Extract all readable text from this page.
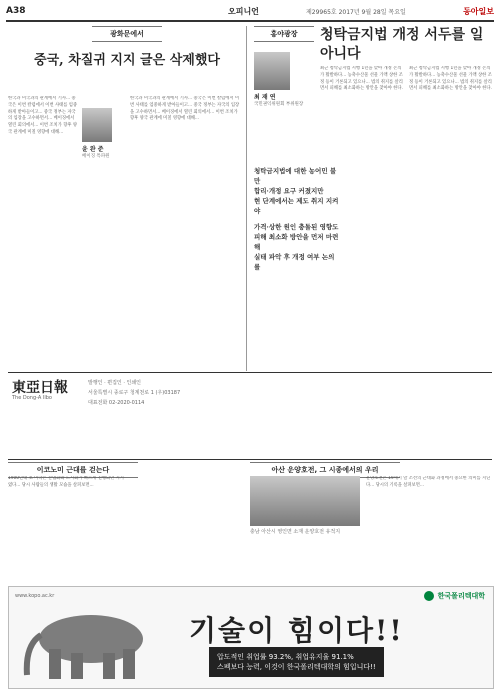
A38	오피니언	제29965호 2017년 9월 28일 목요일	동아일보
광화문에서
중국, 차질귀 지지 글은 삭제했다
윤 완 준
베이징 특파원
한국과 미국과의 관계에서 기사... 중국은 이번 칼럼에서 이번 사태를 엄중하게 받아들이고... 중국 정부는 자국의 입장을 고수하면서... 베이징에서 열린 회의에서... 이번 조치가 향후 양국 관계에 미칠 영향에 대해...
한국과 미국과의 관계에서 기사... 중국은 이번 칼럼에서 이번 사태를 엄중하게 받아들이고... 중국 정부는 자국의 입장을 고수하면서... 베이징에서 열린 회의에서... 이번 조치가 향후 양국 관계에 미칠 영향에 대해...
홍야광장	청탁금지법 개정 서두를 일 아니다
최 재 연
국민권익위원회 부위원장
청탁금지법에 대한 농어민 불만
합리·개정 요구 커졌지만
현 단계에서는 제도 취지 지켜야
가격·상한 원인 충돌된 영향도
피해 최소화 방안을 먼저 마련해
실태 파악 후 개정 여부 논의를
최근 청탁금지법 시행 1년을 맞아 개정 논의가 활발하다... 농축수산물 선물 가액 상한 조정 등이 거론되고 있으나... 법의 취지를 살리면서 피해를 최소화하는 방안을 찾아야 한다.
최근 청탁금지법 시행 1년을 맞아 개정 논의가 활발하다... 농축수산물 선물 가액 상한 조정 등이 거론되고 있으나... 법의 취지를 살리면서 피해를 최소화하는 방안을 찾아야 한다.
東亞日報
The Dong-A Ilbo
발행인 · 편집인 · 인쇄인
서울특별시 종로구 청계천로 1 (우)03187
대표전화 02-2020-0114
이코노미 근대를 걷는다
1900년대 초 미국은 산업화와 도시화가 빠르게 진행되던 시기였다... 당시 사람들의 생활 모습을 살펴보면...
아산 운양호전, 그 시종에서의 우리
충남 아산시 영인면 소재 운양호전 유적지
운양호전은 19세기 말 조선의 근대화 과정에서 중요한 의미를 지닌다... 당시의 기록을 살펴보면...
www.kopo.ac.kr	한국폴리텍대학
기술이 힘이다!!
압도적인 취업률 93.2%, 취업유지율 91.1%
스펙보다 능력, 이것이 한국폴리텍대학의 힘입니다!!
